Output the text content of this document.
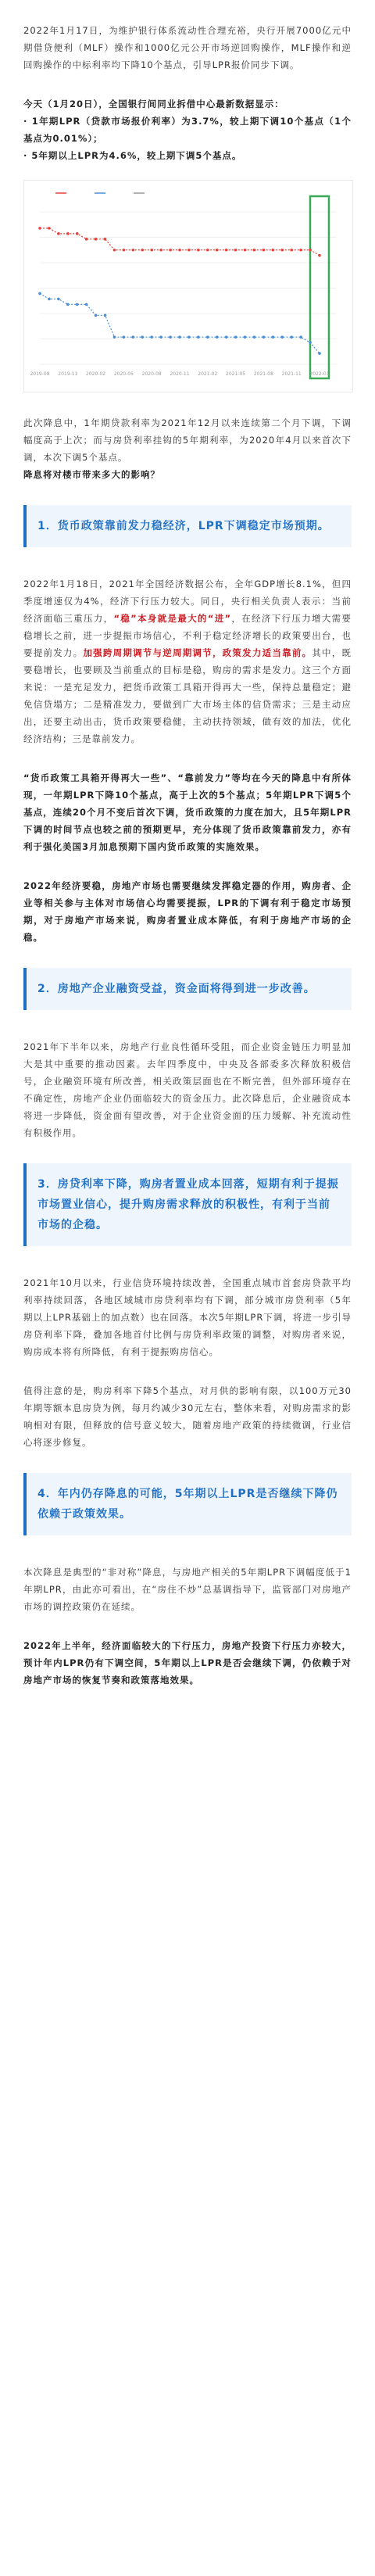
2022年1月17日，为维护银行体系流动性合理充裕，央行开展7000亿元中期借贷便利（MLF）操作和1000亿元公开市场逆回购操作，MLF操作和逆回购操作的中标利率均下降10个基点，引导LPR报价同步下调。

今天（1月20日），全国银行间同业拆借中心最新数据显示：

· 1年期LPR（贷款市场报价利率）为3.7%，较上期下调10个基点（1个基点为0.01%）；

· 5年期以上LPR为4.6%，较上期下调5个基点。

2019-08 2019-11 2020-02 2020-05 2020-08 2020-11 2021-02 2021-05 2021-08 2021-11 2022-01

此次降息中，1年期贷款利率为2021年12月以来连续第二个月下调，下调幅度高于上次；而与房贷利率挂钩的5年期利率，为2020年4月以来首次下调，本次下调5个基点。

降息将对楼市带来多大的影响？

1．货币政策靠前发力稳经济，LPR下调稳定市场预期。

2022年1月18日，2021年全国经济数据公布，全年GDP增长8.1%，但四季度增速仅为4%，经济下行压力较大。同日，央行相关负责人表示：当前经济面临三重压力，“稳”本身就是最大的“进”，在经济下行压力增大需要稳增长之前，进一步提振市场信心，不利于稳定经济增长的政策要出台，也要提前发力。加强跨周期调节与逆周期调节，政策发力适当靠前。其中，既要稳增长，也要顾及当前重点的目标是稳，购房的需求是发力。这三个方面来说：一是充足发力，把货币政策工具箱开得再大一些，保持总量稳定；避免信贷塌方；二是精准发力，要做到广大市场主体的信贷需求；三是主动应出，还要主动出击，货币政策要稳健，主动扶持领域，做有效的加法，优化经济结构；三是靠前发力。

“货币政策工具箱开得再大一些”、“靠前发力”等均在今天的降息中有所体现，一年期LPR下降10个基点，高于上次的5个基点；5年期LPR下调5个基点，连续20个月不变后首次下调，货币政策的力度在加大，且5年期LPR下调的时间节点也较之前的预期更早，充分体现了货币政策靠前发力，亦有利于强化美国3月加息预期下国内货币政策的实施效果。

2022年经济要稳，房地产市场也需要继续发挥稳定器的作用，购房者、企业等相关参与主体对市场信心均需要提振，LPR的下调有利于稳定市场预期，对于房地产市场来说，购房者置业成本降低，有利于房地产市场的企稳。

2．房地产企业融资受益，资金面将得到进一步改善。

2021年下半年以来，房地产行业良性循环受阻，而企业资金链压力明显加大是其中重要的推动因素。去年四季度中，中央及各部委多次释放积极信号，企业融资环境有所改善，相关政策层面也在不断完善，但外部环境存在不确定性，房地产企业仍面临较大的资金压力。此次降息后，企业融资成本将进一步降低，资金面有望改善，对于企业资金面的压力缓解、补充流动性有积极作用。

3．房贷利率下降，购房者置业成本回落，短期有利于提振市场置业信心，提升购房需求释放的积极性，有利于当前市场的企稳。

2021年10月以来，行业信贷环境持续改善，全国重点城市首套房贷款平均利率持续回落，各地区域城市房贷利率均有下调，部分城市房贷利率（5年期以上LPR基础上的加点数）也在回落。本次5年期LPR下调，将进一步引导房贷利率下降，叠加各地首付比例与房贷利率政策的调整，对购房者来说，购房成本将有所降低，有利于提振购房信心。

值得注意的是，购房利率下降5个基点，对月供的影响有限，以100万元30年期等额本息房贷为例，每月约减少30元左右，整体来看，对购房需求的影响相对有限，但释放的信号意义较大，随着房地产政策的持续微调，行业信心将逐步修复。

4．年内仍存降息的可能，5年期以上LPR是否继续下降仍依赖于政策效果。

本次降息是典型的“非对称”降息，与房地产相关的5年期LPR下调幅度低于1年期LPR，由此亦可看出，在“房住不炒”总基调指导下，监管部门对房地产市场的调控政策仍在延续。

2022年上半年，经济面临较大的下行压力，房地产投资下行压力亦较大，预计年内LPR仍有下调空间，5年期以上LPR是否会继续下调，仍依赖于对房地产市场的恢复节奏和政策落地效果。
